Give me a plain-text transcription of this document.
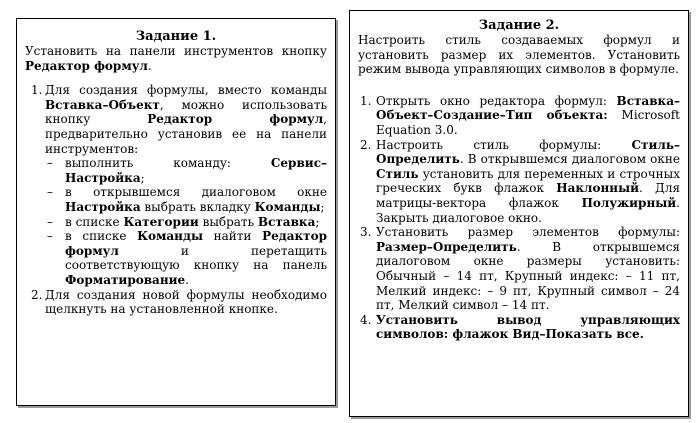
Задание 1.

Установить на панели инструментов кнопку Редактор формул.

1. Для создания формулы, вместо команды Вставка–Объект, можно использовать кнопку Редактор формул, предварительно установив ее на панели инструментов:
– выполнить команду: Сервис–Настройка;
– в открывшемся диалоговом окне Настройка выбрать вкладку Команды;
– в списке Категории выбрать Вставка;
– в списке Команды найти Редактор формул и перетащить соответствующую кнопку на панель Форматирование.
2. Для создания новой формулы необходимо щелкнуть на установленной кнопке.

Задание 2.

Настроить стиль создаваемых формул и установить размер их элементов. Установить режим вывода управляющих символов в формуле.

1. Открыть окно редактора формул: Вставка–Объект–Создание–Тип объекта: Microsoft Equation 3.0.
2. Настроить стиль формулы: Стиль–Определить. В открывшемся диалоговом окне Стиль установить для переменных и строчных греческих букв флажок Наклонный. Для матрицы-вектора флажок Полужирный. Закрыть диалоговое окно.
3. Установить размер элементов формулы: Размер–Определить. В открывшемся диалоговом окне размеры установить: Обычный – 14 пт, Крупный индекс: – 11 пт, Мелкий индекс: – 9 пт, Крупный символ – 24 пт, Мелкий символ – 14 пт.
4. Установить вывод управляющих символов: флажок Вид–Показать все.
